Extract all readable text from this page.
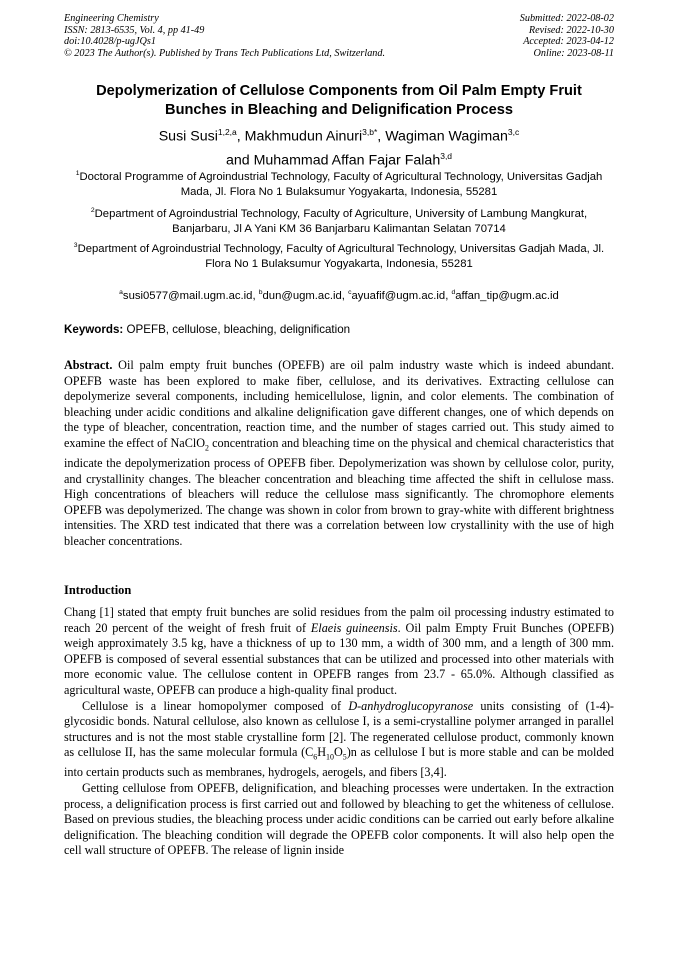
Engineering Chemistry
ISSN: 2813-6535, Vol. 4, pp 41-49
doi:10.4028/p-ugJQs1
© 2023 The Author(s). Published by Trans Tech Publications Ltd, Switzerland.
Submitted: 2022-08-02
Revised: 2022-10-30
Accepted: 2023-04-12
Online: 2023-08-11
Depolymerization of Cellulose Components from Oil Palm Empty Fruit Bunches in Bleaching and Delignification Process
Susi Susi$^{1,2,a}$, Makhmudun Ainuri$^{3,b*}$, Wagiman Wagiman$^{3,c}$
and Muhammad Affan Fajar Falah$^{3,d}$
$^1$Doctoral Programme of Agroindustrial Technology, Faculty of Agricultural Technology, Universitas Gadjah Mada, Jl. Flora No 1 Bulaksumur Yogyakarta, Indonesia, 55281
$^2$Department of Agroindustrial Technology, Faculty of Agriculture, University of Lambung Mangkurat, Banjarbaru, Jl A Yani KM 36 Banjarbaru Kalimantan Selatan 70714
$^3$Department of Agroindustrial Technology, Faculty of Agricultural Technology, Universitas Gadjah Mada, Jl. Flora No 1 Bulaksumur Yogyakarta, Indonesia, 55281
$^a$susi0577@mail.ugm.ac.id, $^b$dun@ugm.ac.id, $^c$ayuafif@ugm.ac.id, $^d$affan_tip@ugm.ac.id
Keywords: OPEFB, cellulose, bleaching, delignification

Abstract. Oil palm empty fruit bunches (OPEFB) are oil palm industry waste which is indeed abundant. OPEFB waste has been explored to make fiber, cellulose, and its derivatives. Extracting cellulose can depolymerize several components, including hemicellulose, lignin, and color elements. The combination of bleaching under acidic conditions and alkaline delignification gave different changes, one of which depends on the type of bleacher, concentration, reaction time, and the number of stages carried out. This study aimed to examine the effect of NaClO$_2$ concentration and bleaching time on the physical and chemical characteristics that indicate the depolymerization process of OPEFB fiber. Depolymerization was shown by cellulose color, purity, and crystallinity changes. The bleacher concentration and bleaching time affected the shift in cellulose mass. High concentrations of bleachers will reduce the cellulose mass significantly. The chromophore elements OPEFB was depolymerized. The change was shown in color from brown to gray-white with different brightness intensities. The XRD test indicated that there was a correlation between low crystallinity with the use of high bleacher concentrations.

Introduction

Chang [1] stated that empty fruit bunches are solid residues from the palm oil processing industry estimated to reach 20 percent of the weight of fresh fruit of Elaeis guineensis. Oil palm Empty Fruit Bunches (OPEFB) weigh approximately 3.5 kg, have a thickness of up to 130 mm, a width of 300 mm, and a length of 300 mm. OPEFB is composed of several essential substances that can be utilized and processed into other materials with more economic value. The cellulose content in OPEFB ranges from 23.7 - 65.0%. Although classified as agricultural waste, OPEFB can produce a high-quality final product.

Cellulose is a linear homopolymer composed of D-anhydroglucopyranose units consisting of (1-4)-glycosidic bonds. Natural cellulose, also known as cellulose I, is a semi-crystalline polymer arranged in parallel structures and is not the most stable crystalline form [2]. The regenerated cellulose product, commonly known as cellulose II, has the same molecular formula $(C_6H_{10}O_5)n$ as cellulose I but is more stable and can be molded into certain products such as membranes, hydrogels, aerogels, and fibers [3,4].

Getting cellulose from OPEFB, delignification, and bleaching processes were undertaken. In the extraction process, a delignification process is first carried out and followed by bleaching to get the whiteness of cellulose. Based on previous studies, the bleaching process under acidic conditions can be carried out early before alkaline delignification. The bleaching condition will degrade the OPEFB color components. It will also help open the cell wall structure of OPEFB. The release of lignin inside
